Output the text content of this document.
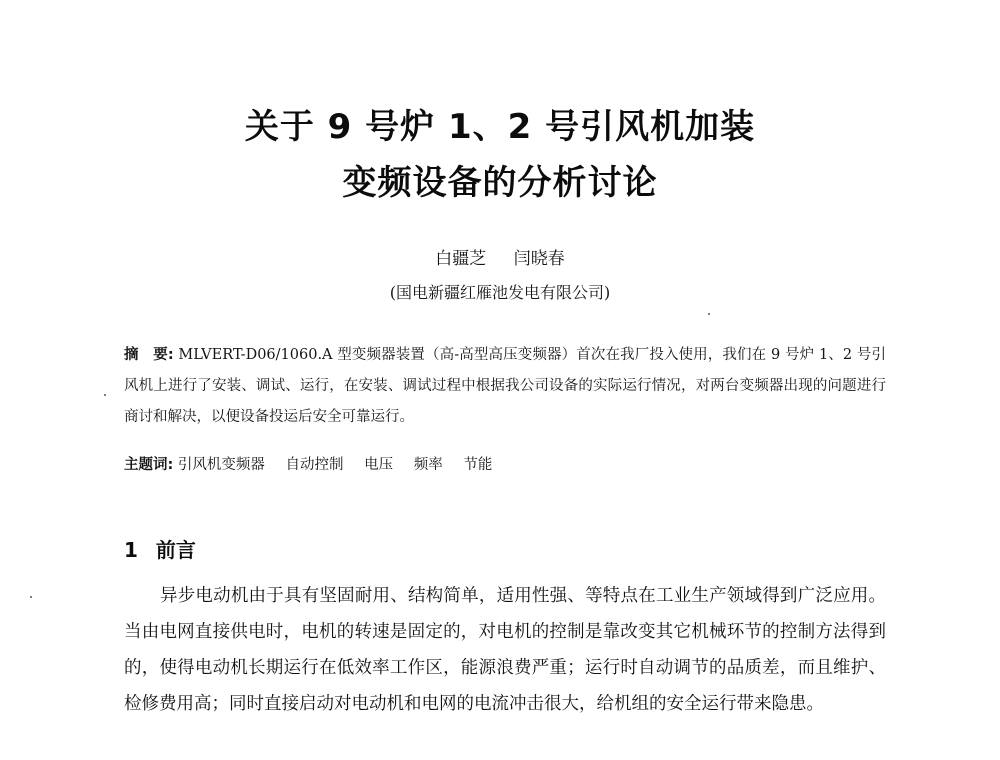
关于 9 号炉 1、2 号引风机加装
变频设备的分析讨论
白疆芝 闫晓春
(国电新疆红雁池发电有限公司)
摘　要: MLVERT-D06/1060.A 型变频器装置（高-高型高压变频器）首次在我厂投入使用，我们在 9 号炉 1、2 号引风机上进行了安装、调试、运行，在安装、调试过程中根据我公司设备的实际运行情况，对两台变频器出现的问题进行商讨和解决，以便设备投运后安全可靠运行。
主题词: 引风机变频器 自动控制 电压 频率 节能
1 前言

异步电动机由于具有坚固耐用、结构简单，适用性强、等特点在工业生产领域得到广泛应用。当由电网直接供电时，电机的转速是固定的，对电机的控制是靠改变其它机械环节的控制方法得到的，使得电动机长期运行在低效率工作区，能源浪费严重；运行时自动调节的品质差，而且维护、检修费用高；同时直接启动对电动机和电网的电流冲击很大，给机组的安全运行带来隐患。
